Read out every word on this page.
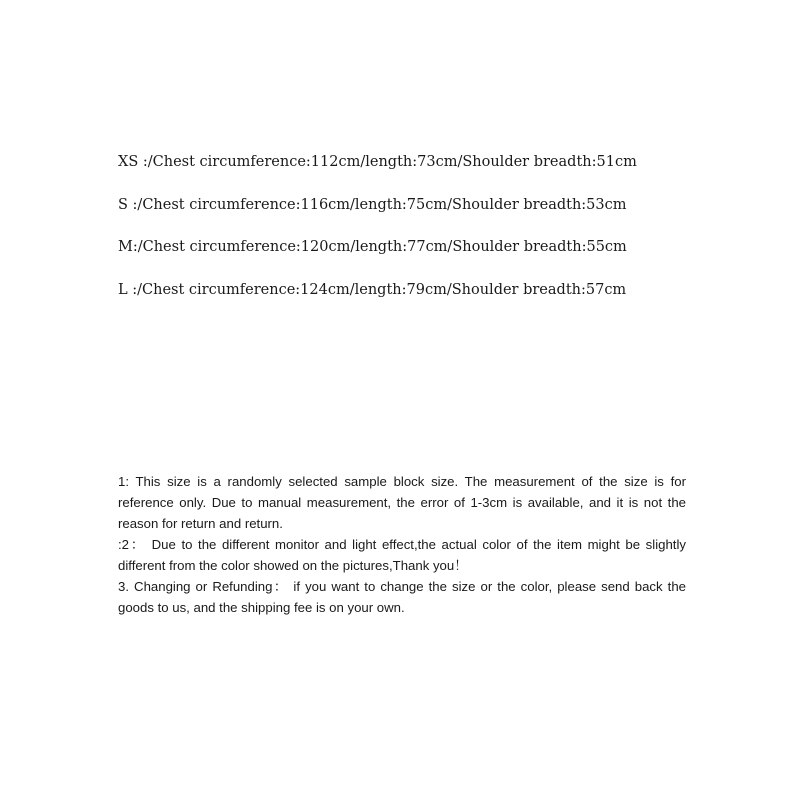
XS :/Chest circumference:112cm/length:73cm/Shoulder breadth:51cm

S :/Chest circumference:116cm/length:75cm/Shoulder breadth:53cm

M:/Chest circumference:120cm/length:77cm/Shoulder breadth:55cm

L :/Chest circumference:124cm/length:79cm/Shoulder breadth:57cm

1: This size is a randomly selected sample block size. The measurement of the size is for reference only. Due to manual measurement, the error of 1-3cm is available, and it is not the reason for return and return.

:2： Due to the different monitor and light effect,the actual color of the item might be slightly different from the color showed on the pictures,Thank you！

3. Changing or Refunding： if you want to change the size or the color, please send back the goods to us, and the shipping fee is on your own.
